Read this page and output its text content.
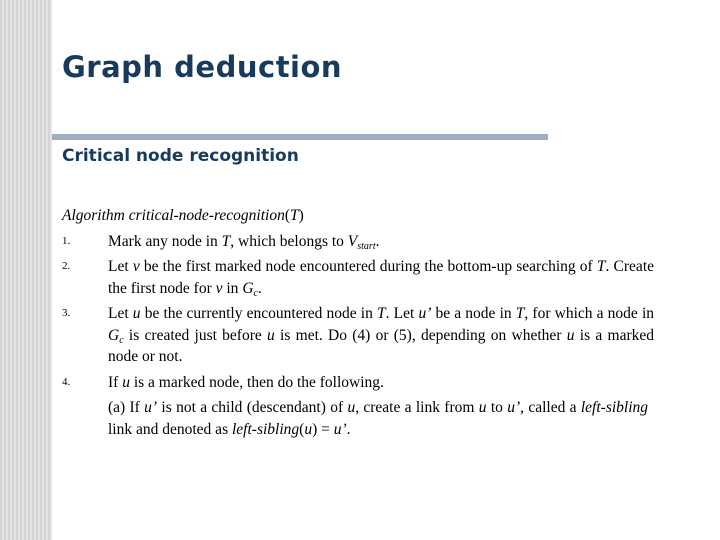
Graph deduction
Critical node recognition
Algorithm critical-node-recognition(T)
1. Mark any node in T, which belongs to $V_{start}$.
2. Let v be the first marked node encountered during the bottom-up searching of T. Create the first node for v in $G_c$.
3. Let u be the currently encountered node in T. Let u’ be a node in T, for which a node in $G_c$ is created just before u is met. Do (4) or (5), depending on whether u is a marked node or not.
4. If u is a marked node, then do the following.
(a) If u’ is not a child (descendant) of u, create a link from u to u’, called a left-sibling link and denoted as left-sibling(u) = u’.
